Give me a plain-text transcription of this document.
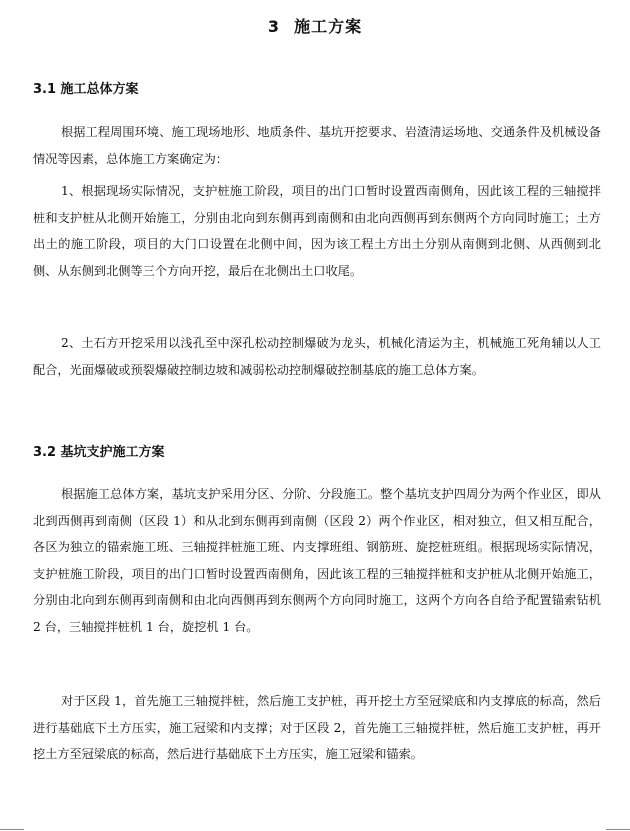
3 施工方案
3.1 施工总体方案

根据工程周围环境、施工现场地形、地质条件、基坑开挖要求、岩渣清运场地、交通条件及机械设备情况等因素，总体施工方案确定为：

1、根据现场实际情况，支护桩施工阶段，项目的出门口暂时设置西南侧角，因此该工程的三轴搅拌桩和支护桩从北侧开始施工，分别由北向到东侧再到南侧和由北向西侧再到东侧两个方向同时施工；土方出土的施工阶段，项目的大门口设置在北侧中间，因为该工程土方出土分别从南侧到北侧、从西侧到北侧、从东侧到北侧等三个方向开挖，最后在北侧出土口收尾。

2、土石方开挖采用以浅孔至中深孔松动控制爆破为龙头，机械化清运为主，机械施工死角辅以人工配合，光面爆破或预裂爆破控制边坡和减弱松动控制爆破控制基底的施工总体方案。

3.2 基坑支护施工方案

根据施工总体方案，基坑支护采用分区、分阶、分段施工。整个基坑支护四周分为两个作业区，即从北到西侧再到南侧（区段 1）和从北到东侧再到南侧（区段 2）两个作业区，相对独立，但又相互配合，各区为独立的锚索施工班、三轴搅拌桩施工班、内支撑班组、钢筋班、旋挖桩班组。根据现场实际情况，支护桩施工阶段，项目的出门口暂时设置西南侧角，因此该工程的三轴搅拌桩和支护桩从北侧开始施工，分别由北向到东侧再到南侧和由北向西侧再到东侧两个方向同时施工，这两个方向各自给予配置锚索钻机 2 台，三轴搅拌桩机 1 台，旋挖机 1 台。

对于区段 1，首先施工三轴搅拌桩，然后施工支护桩，再开挖土方至冠梁底和内支撑底的标高，然后进行基础底下土方压实，施工冠梁和内支撑；对于区段 2，首先施工三轴搅拌桩，然后施工支护桩，再开挖土方至冠梁底的标高，然后进行基础底下土方压实，施工冠梁和锚索。
